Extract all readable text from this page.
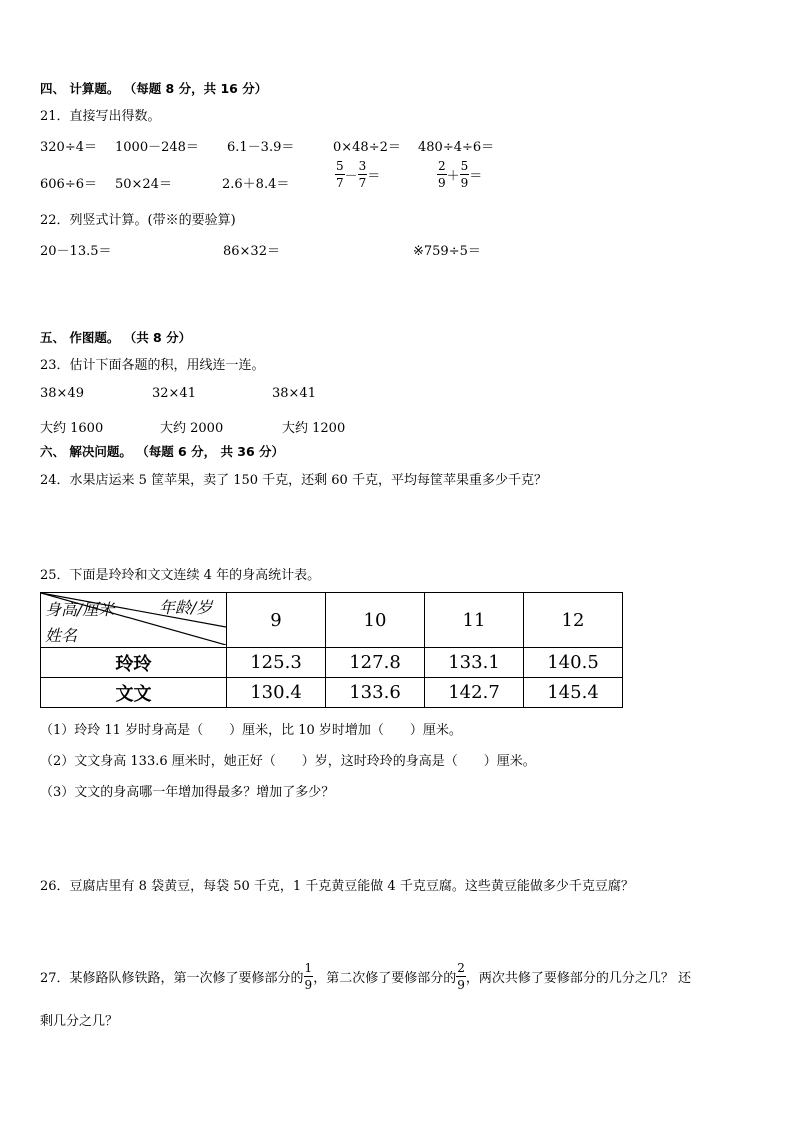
四、 计算题。 （每题 8 分，共 16 分）
21．直接写出得数。
320÷4＝ 1000－248＝ 6.1－3.9＝	0×48÷2＝ 480÷4÷6＝
606÷6＝ 50×24＝	2.6＋8.4＝	$\frac{5}{7} - \frac{3}{7}$ ＝	$\frac{2}{9} + \frac{5}{9}$ ＝
22．列竖式计算。(带※的要验算)
20－13.5＝	86×32＝	※759÷5＝
五、 作图题。 （共 8 分）
23．估计下面各题的积，用线连一连。
38×49	32×41	38×41
大约 1600	大约 2000	大约 1200
六、 解决问题。 （每题 6 分， 共 36 分）
24．水果店运来 5 筐苹果，卖了 150 千克，还剩 60 千克，平均每筐苹果重多少千克？
25．下面是玲玲和文文连续 4 年的身高统计表。
身高/厘米 年龄/岁
姓名	9	10	11	12
玲玲	125.3	127.8	133.1	140.5
文文	130.4	133.6	142.7	145.4
（1）玲玲 11 岁时身高是（　　）厘米，比 10 岁时增加（　　）厘米。
（2）文文身高 133.6 厘米时，她正好（　　）岁，这时玲玲的身高是（　　）厘米。
（3）文文的身高哪一年增加得最多？增加了多少？
26．豆腐店里有 8 袋黄豆，每袋 50 千克，1 千克黄豆能做 4 千克豆腐。这些黄豆能做多少千克豆腐？
27．某修路队修铁路，第一次修了要修部分的 $\frac{1}{9}$ ，第二次修了要修部分的 $\frac{2}{9}$ ，两次共修了要修部分的几分之几？ 还
剩几分之几？
